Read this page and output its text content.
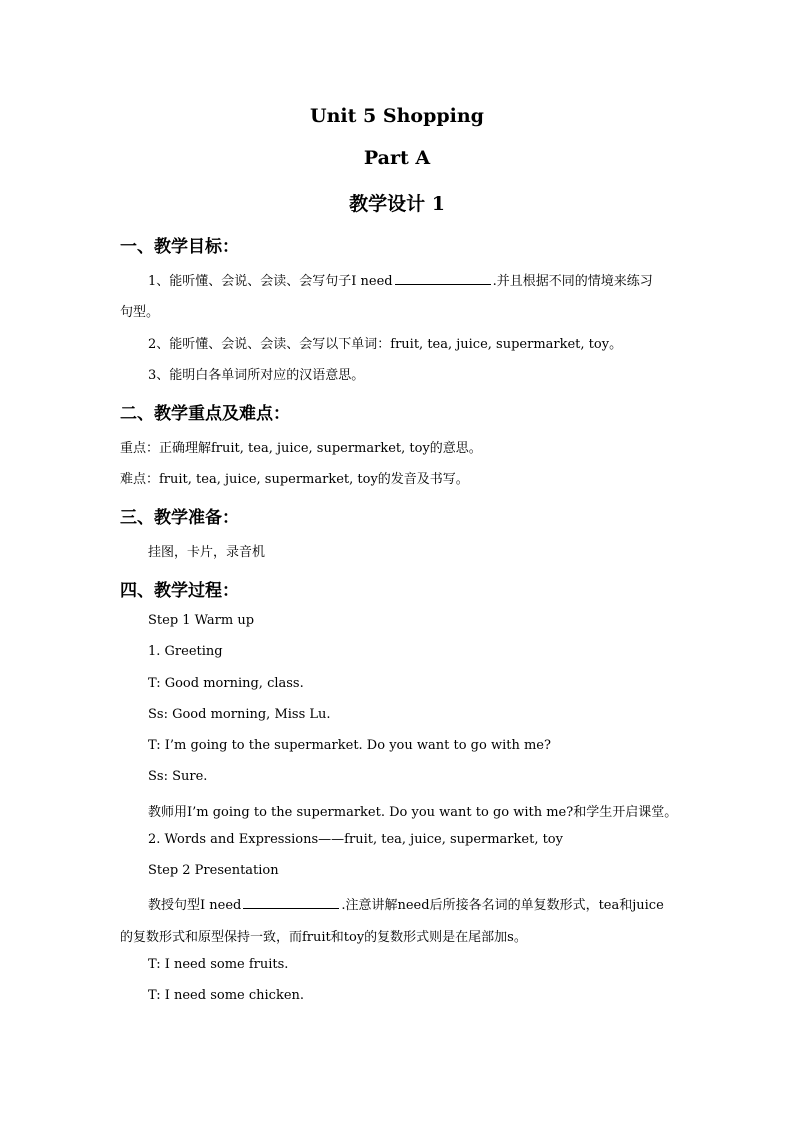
Unit 5 Shopping
Part A
教学设计 1
一、教学目标：
1、能听懂、会说、会读、会写句子I need	.并且根据不同的情境来练习
句型。
2、能听懂、会说、会读、会写以下单词：fruit, tea, juice, supermarket, toy。
3、能明白各单词所对应的汉语意思。
二、教学重点及难点：
重点：正确理解fruit, tea, juice, supermarket, toy的意思。
难点：fruit, tea, juice, supermarket, toy的发音及书写。
三、教学准备：
挂图，卡片，录音机
四、教学过程：
Step 1 Warm up
1. Greeting
T: Good morning, class.
Ss: Good morning, Miss Lu.
T: I’m going to the supermarket. Do you want to go with me?
Ss: Sure.
教师用I’m going to the supermarket. Do you want to go with me?和学生开启课堂。
2. Words and Expressions——fruit, tea, juice, supermarket, toy
Step 2 Presentation
教授句型I need	.注意讲解need后所接各名词的单复数形式，tea和juice
的复数形式和原型保持一致，而fruit和toy的复数形式则是在尾部加s。
T: I need some fruits.
T: I need some chicken.
